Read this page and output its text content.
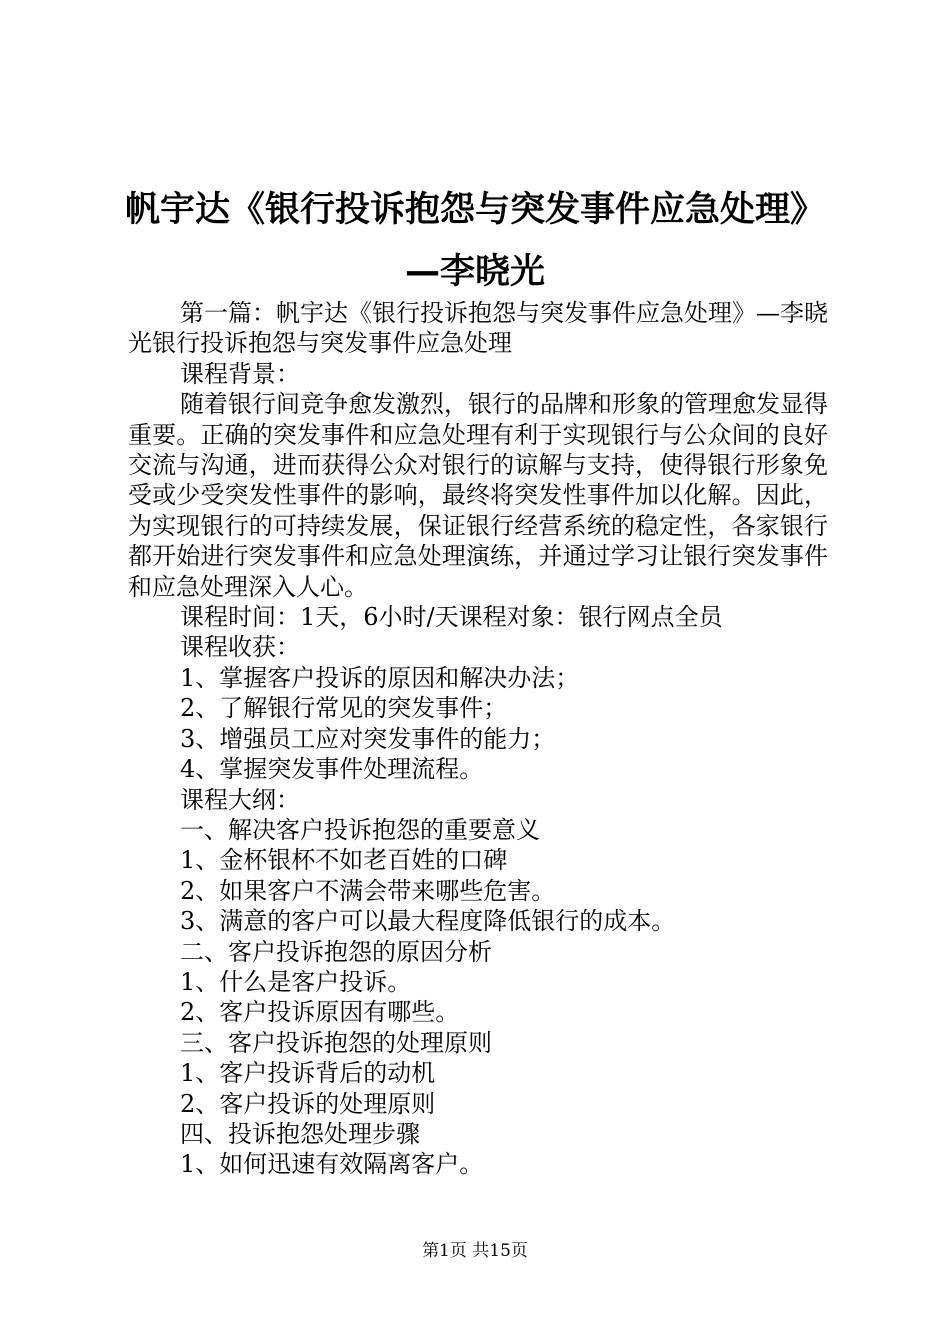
帆宇达《银行投诉抱怨与突发事件应急处理》
—李晓光

第一篇：帆宇达《银行投诉抱怨与突发事件应急处理》—李晓光银行投诉抱怨与突发事件应急处理

课程背景：

随着银行间竞争愈发激烈，银行的品牌和形象的管理愈发显得重要。正确的突发事件和应急处理有利于实现银行与公众间的良好交流与沟通，进而获得公众对银行的谅解与支持，使得银行形象免受或少受突发性事件的影响，最终将突发性事件加以化解。因此，为实现银行的可持续发展，保证银行经营系统的稳定性，各家银行都开始进行突发事件和应急处理演练，并通过学习让银行突发事件和应急处理深入人心。

课程时间：1天，6小时/天课程对象：银行网点全员

课程收获：

1、掌握客户投诉的原因和解决办法；

2、了解银行常见的突发事件；

3、增强员工应对突发事件的能力；

4、掌握突发事件处理流程。

课程大纲：

一、解决客户投诉抱怨的重要意义

1、金杯银杯不如老百姓的口碑

2、如果客户不满会带来哪些危害。

3、满意的客户可以最大程度降低银行的成本。

二、客户投诉抱怨的原因分析

1、什么是客户投诉。

2、客户投诉原因有哪些。

三、客户投诉抱怨的处理原则

1、客户投诉背后的动机

2、客户投诉的处理原则

四、投诉抱怨处理步骤

1、如何迅速有效隔离客户。

第1页 共15页
